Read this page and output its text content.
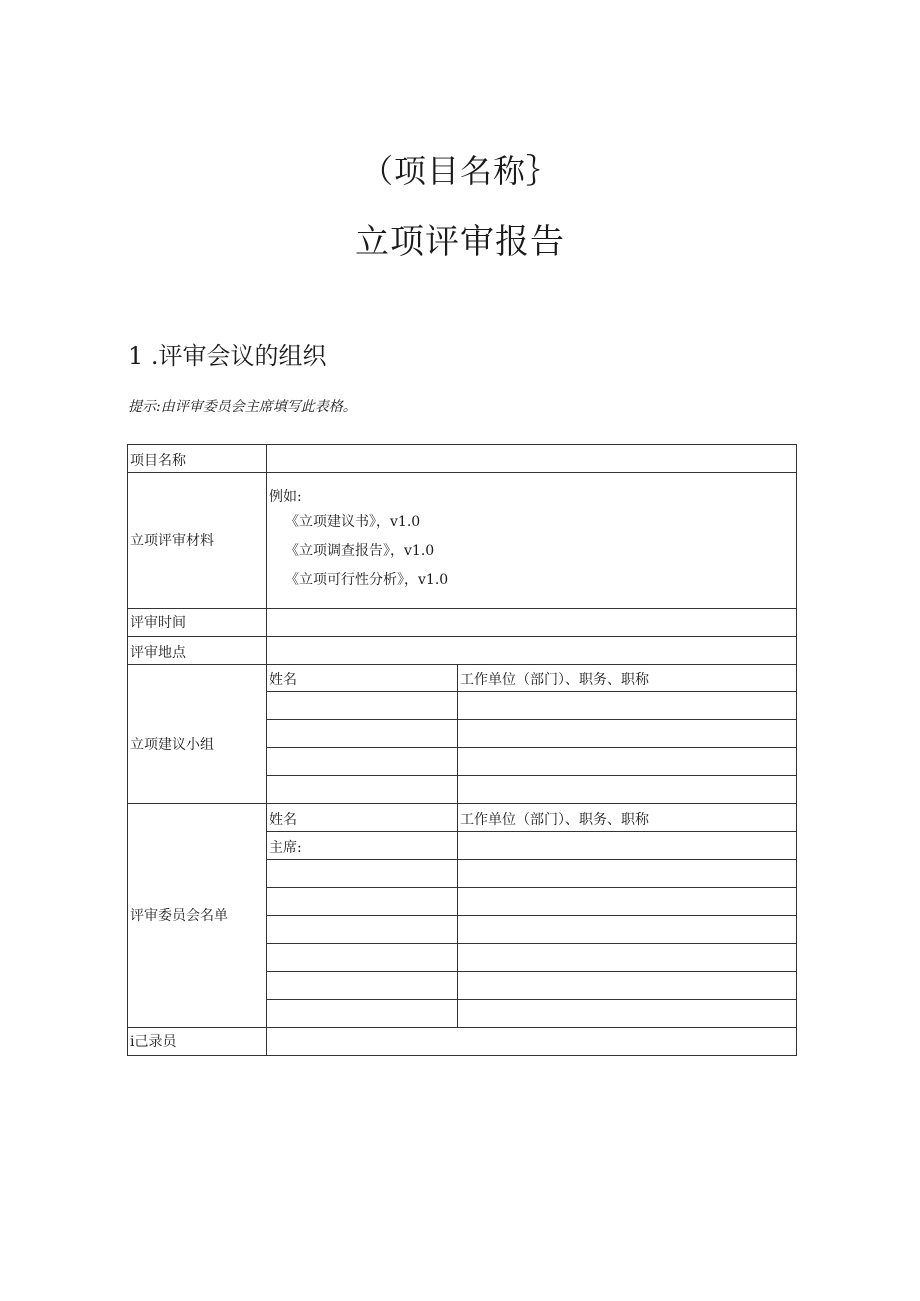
（项目名称｝
立项评审报告
1 .评审会议的组织
提示:由评审委员会主席填写此表格。
项目名称		
立项评审材料	例如:
《立项建议书》，v1.0
《立项调查报告》，v1.0
《立项可行性分析》，v1.0	

评审时间		
评审地点		
立项建议小组	姓名	工作单位（部门）、职务、职称

评审委员会名单	姓名	工作单位（部门）、职务、职称
	主席:	

i己录员		
